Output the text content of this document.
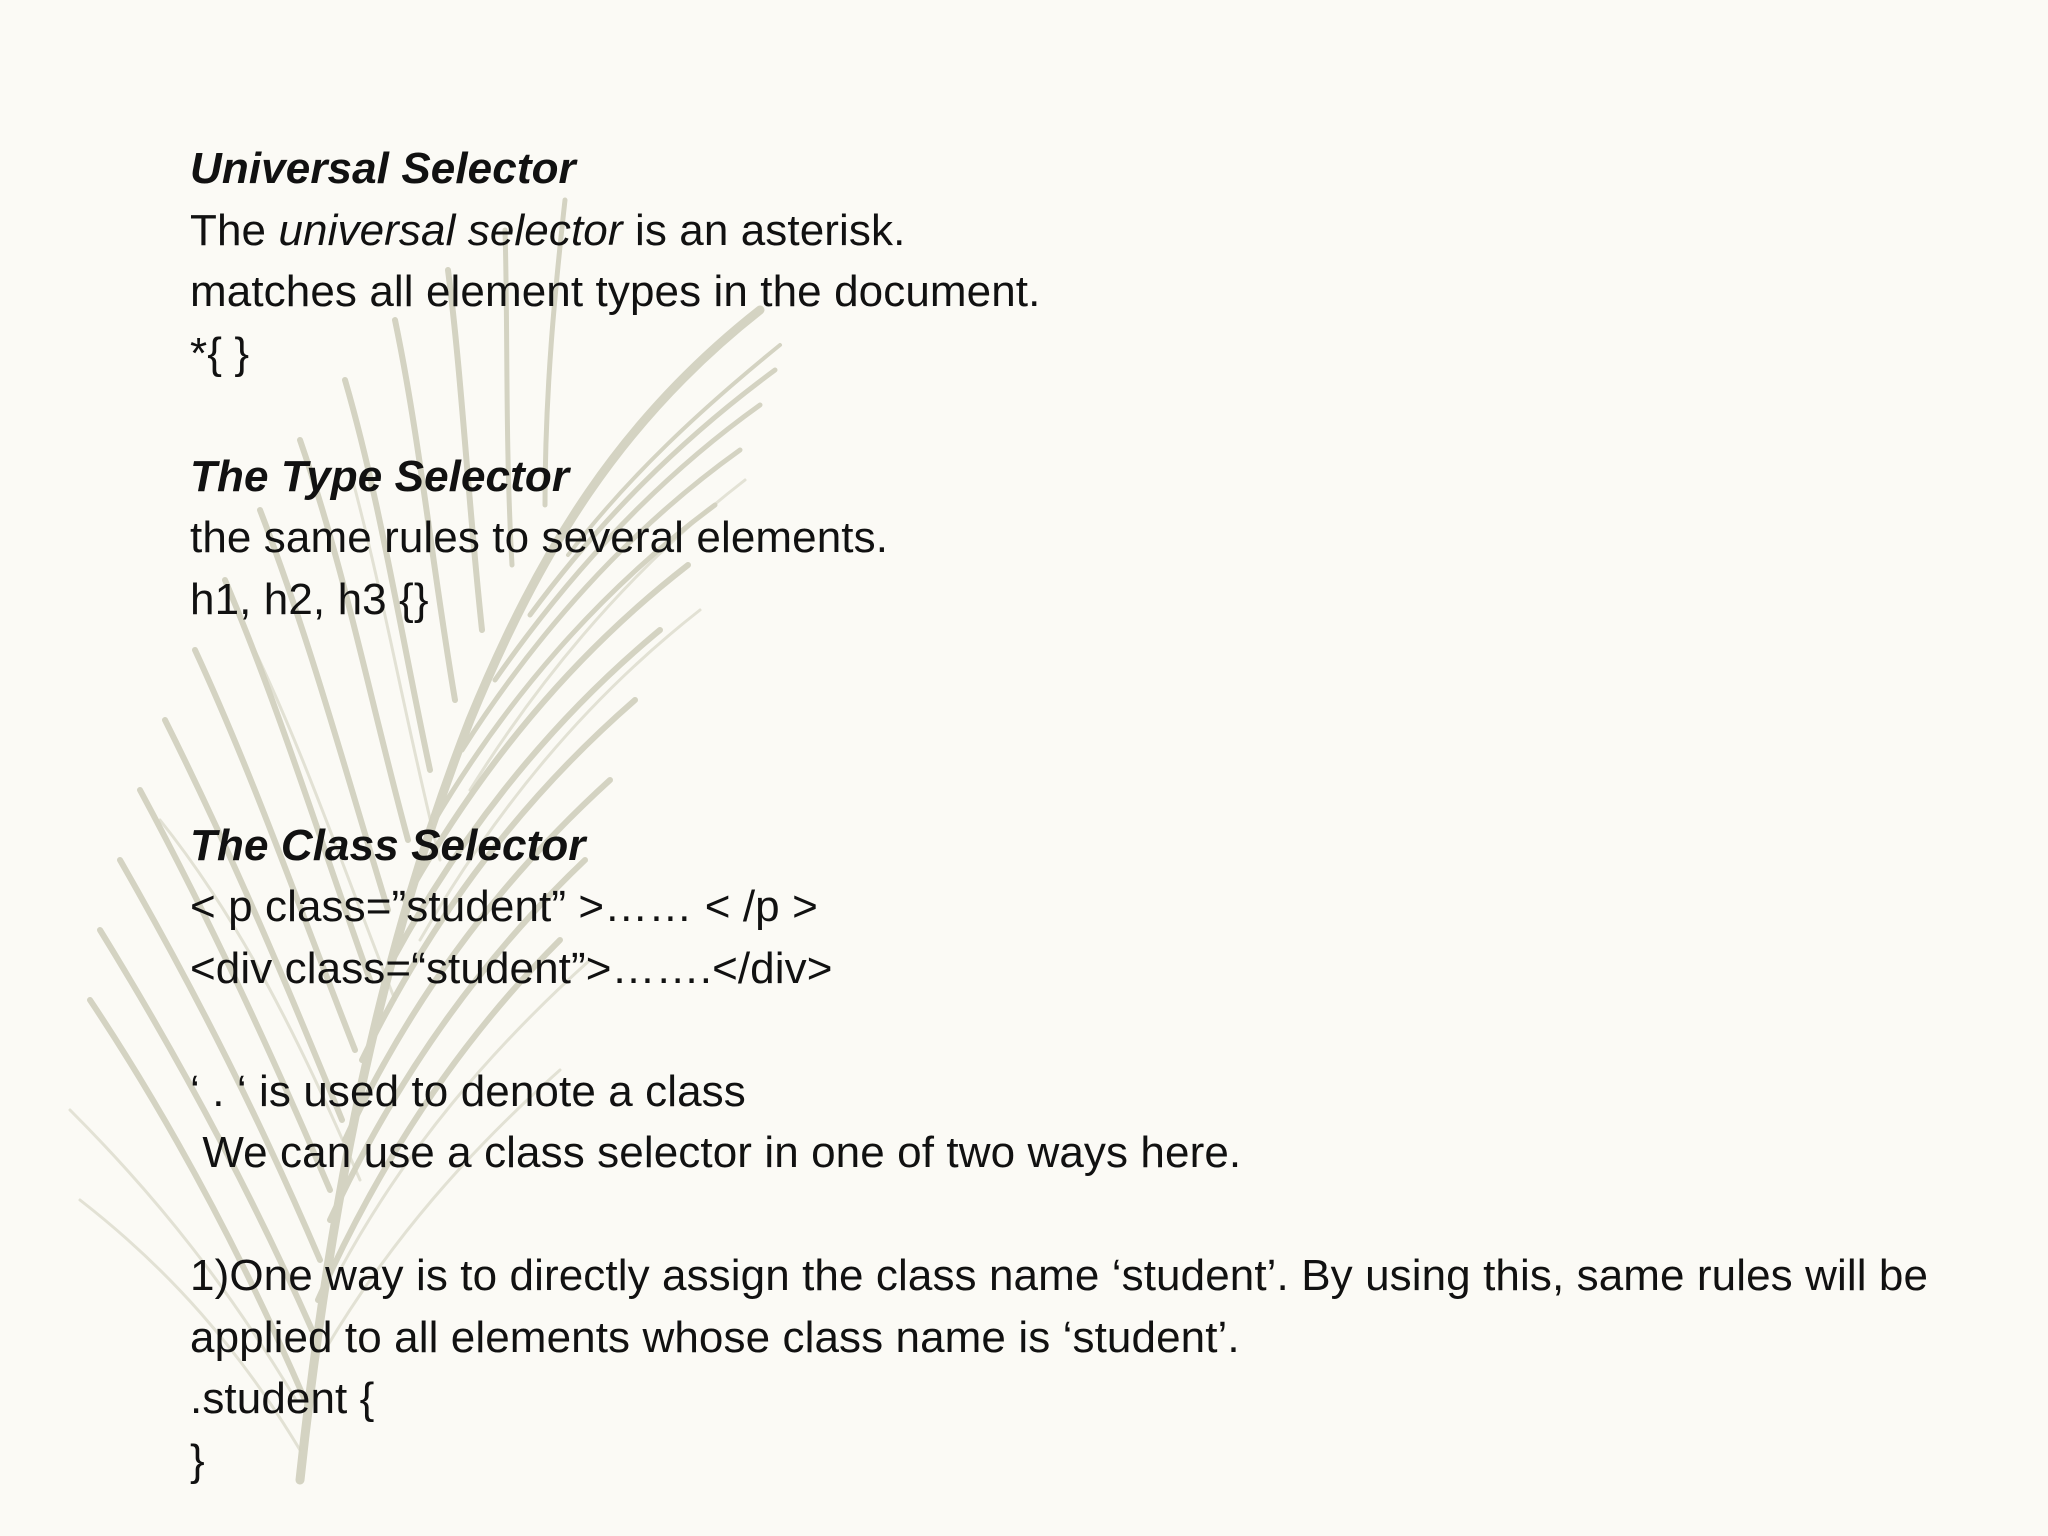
Universal Selector
The universal selector is an asterisk.
matches all element types in the document.
*{ }
The Type Selector
the same rules to several elements.
h1, h2, h3 {}
The Class Selector
< p class=”student” >…… < /p >
<div class=“student”>…….</div>
‘ . ‘ is used to denote a class
We can use a class selector in one of two ways here.
1)One way is to directly assign the class name ‘student’. By using this, same rules will be applied to all elements whose class name is ‘student’.
.student {
}
